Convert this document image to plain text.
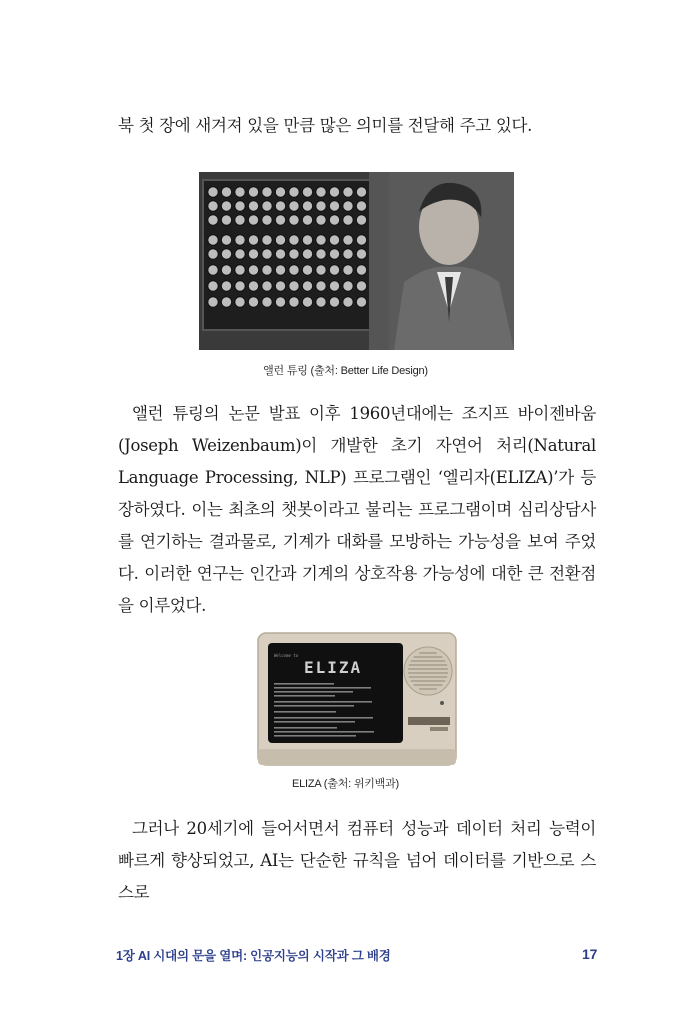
북 첫 장에 새겨져 있을 만큼 많은 의미를 전달해 주고 있다.
앨런 튜링 (출처: Better Life Design)
앨런 튜링의 논문 발표 이후 1960년대에는 조지프 바이젠바움(Joseph Weizenbaum)이 개발한 초기 자연어 처리(Natural Language Processing, NLP) 프로그램인 ‘엘리자(ELIZA)’가 등장하였다. 이는 최초의 챗봇이라고 불리는 프로그램이며 심리상담사를 연기하는 결과물로, 기계가 대화를 모방하는 가능성을 보여 주었다. 이러한 연구는 인간과 기계의 상호작용 가능성에 대한 큰 전환점을 이루었다.
Welcome to
ELIZA
ELIZA (출처: 위키백과)
그러나 20세기에 들어서면서 컴퓨터 성능과 데이터 처리 능력이 빠르게 향상되었고, AI는 단순한 규칙을 넘어 데이터를 기반으로 스스로
1장 AI 시대의 문을 열며: 인공지능의 시작과 그 배경	17
